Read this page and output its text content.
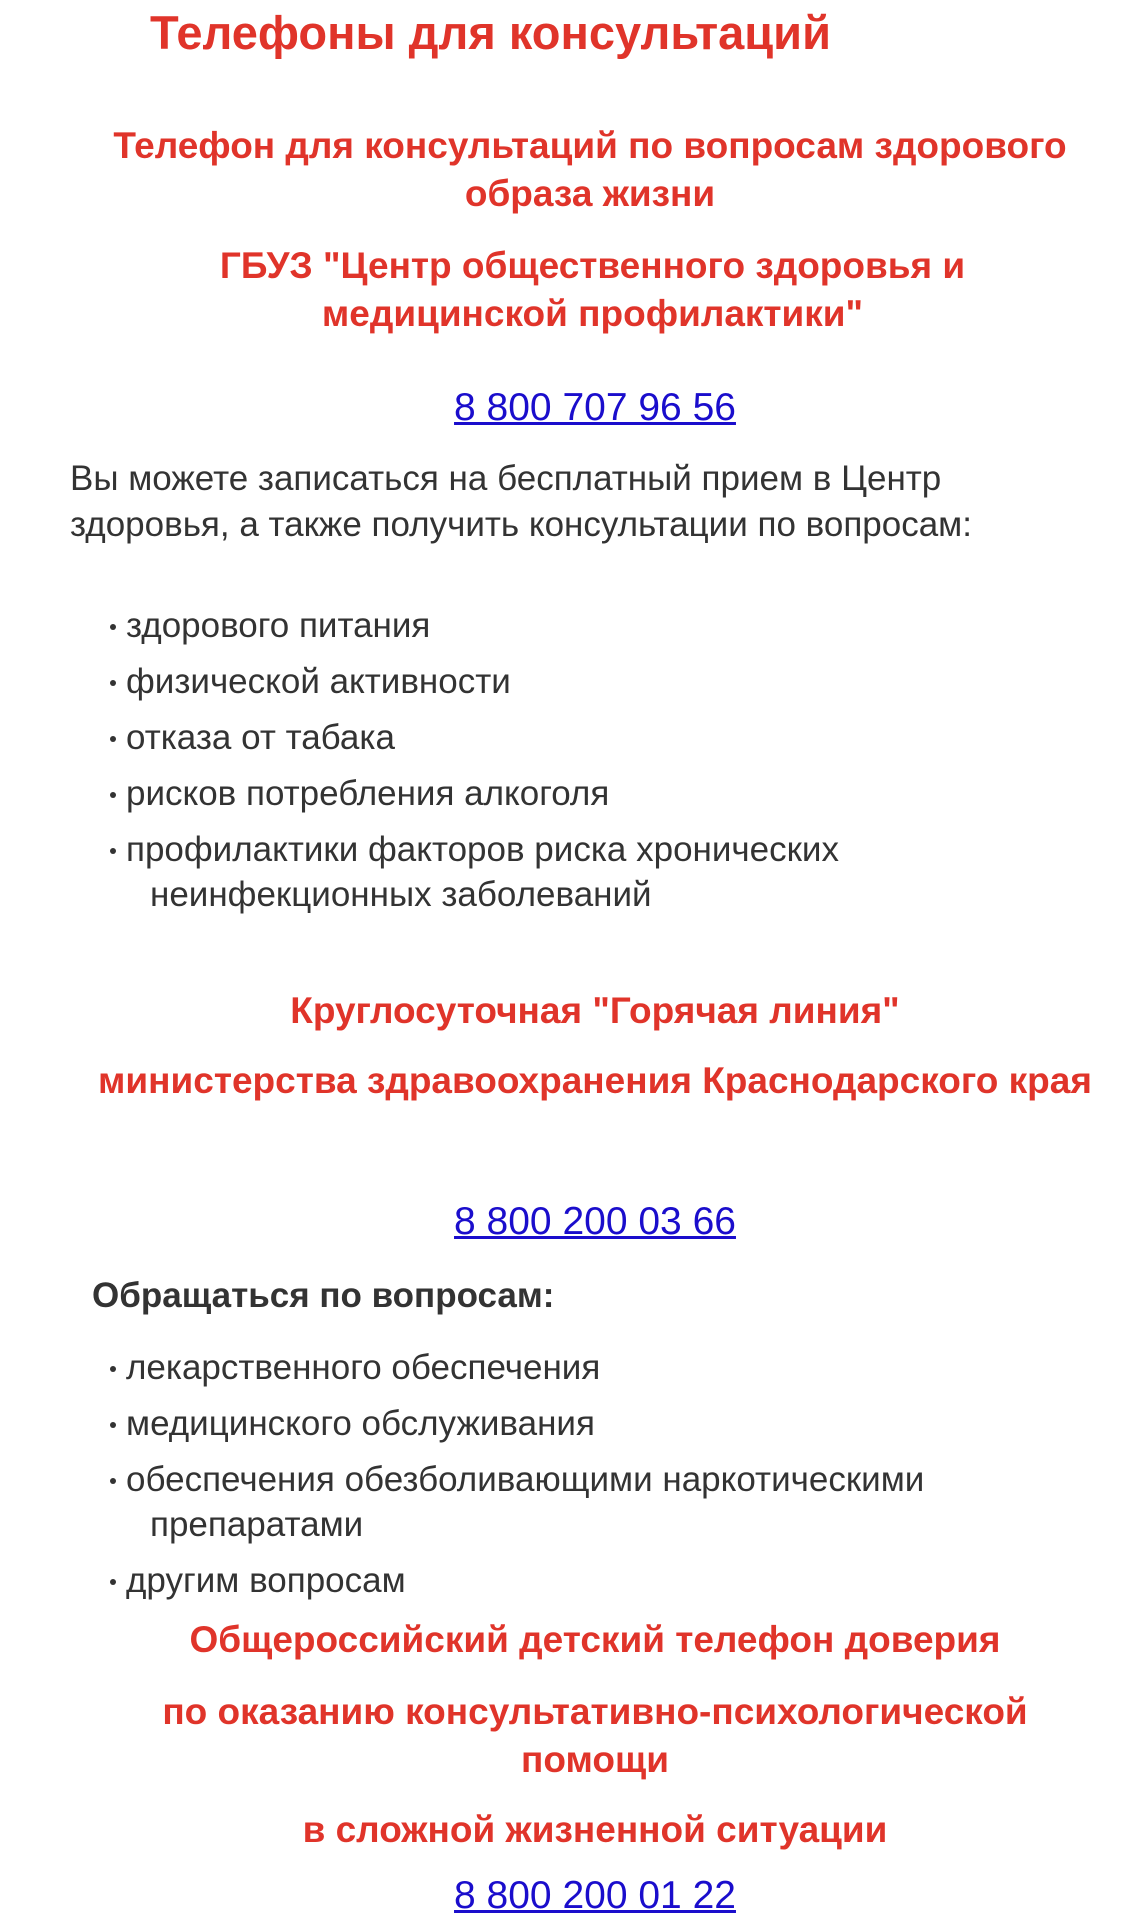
Телефоны для консультаций
Телефон для консультаций по вопросам здорового образа жизни
ГБУЗ "Центр общественного здоровья и медицинской профилактики"
8 800 707 96 56
Вы можете записаться на бесплатный прием в Центр здоровья, а также получить консультации по вопросам:
здорового питания
физической активности
отказа от табака
рисков потребления алкоголя
профилактики факторов риска хронических
неинфекционных заболеваний
Круглосуточная "Горячая линия"
министерства здравоохранения Краснодарского края
8 800 200 03 66
Обращаться по вопросам:
лекарственного обеспечения
медицинского обслуживания
обеспечения обезболивающими наркотическими
препаратами
другим вопросам
Общероссийский детский телефон доверия
по оказанию консультативно-психологической помощи
в сложной жизненной ситуации
8 800 200 01 22
